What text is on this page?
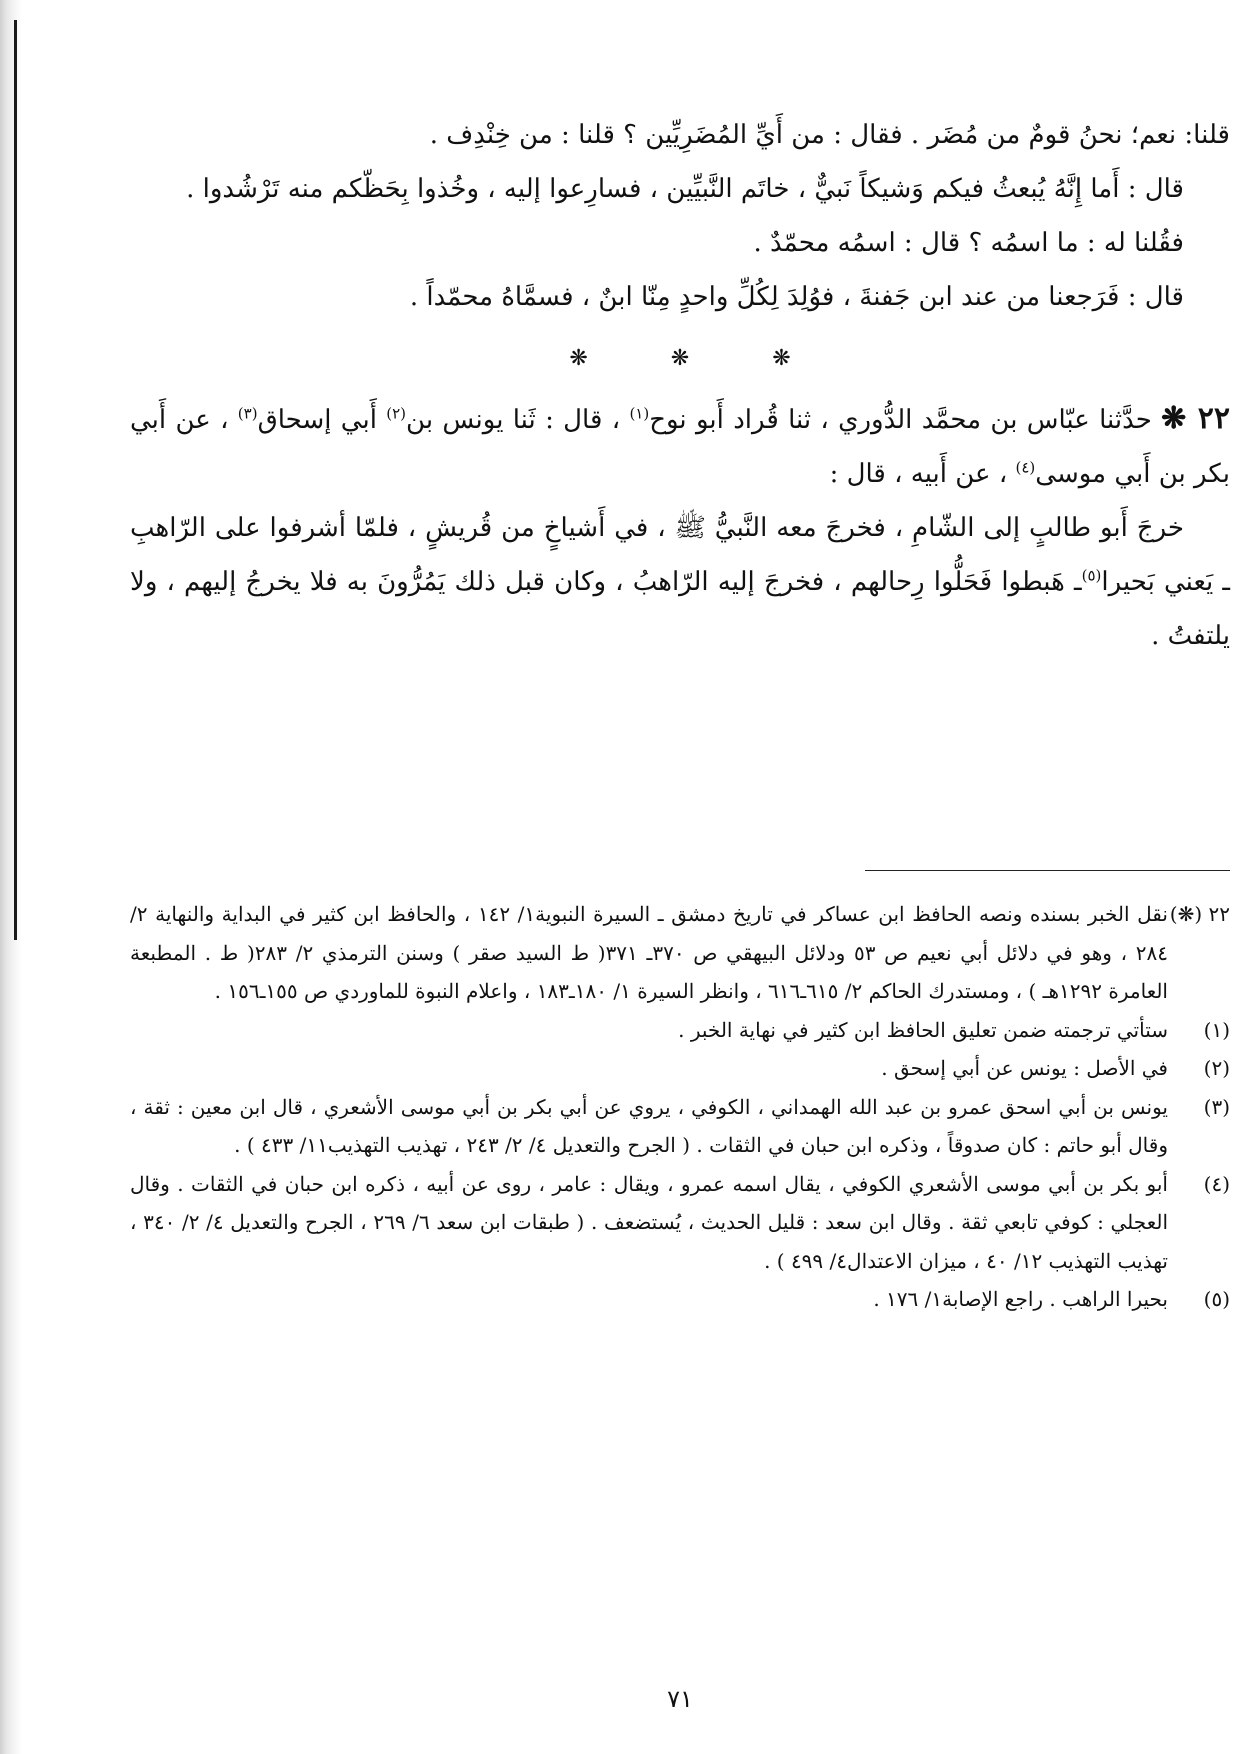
قلنا: نعم؛ نحنُ قومٌ من مُضَر . فقال : من أَيِّ المُضَرِيِّين ؟ قلنا : من خِنْدِف .

قال : أَما إِنَّهُ يُبعثُ فيكم وَشيكاً نَبيٌّ ، خاتَم النَّبيِّين ، فسارِعوا إليه ، وخُذوا بِحَظّكم منه تَرْشُدوا .

فقُلنا له : ما اسمُه ؟ قال : اسمُه محمّدٌ .

قال : فَرَجعنا من عند ابن جَفنةَ ، فوُلِدَ لِكُلِّ واحدٍ مِنّا ابنٌ ، فسمَّاهُ محمّداً .

❋	❋	❋

٢٢ ❋ حدَّثنا عبّاس بن محمَّد الدُّوري ، ثنا قُراد أَبو نوح$^{(١)}$ ، قال : ثَنا يونس بن$^{(٢)}$ أَبي إسحاق$^{(٣)}$ ، عن أَبي بكر بن أَبي موسى$^{(٤)}$ ، عن أَبيه ، قال :

خرجَ أَبو طالبٍ إلى الشّامِ ، فخرجَ معه النَّبيُّ ﷺ ، في أَشياخٍ من قُريشٍ ، فلمّا أشرفوا على الرّاهبِ ـ يَعني بَحيرا$^{(٥)}$ـ هَبطوا فَحَلُّوا رِحالهم ، فخرجَ إليه الرّاهبُ ، وكان قبل ذلك يَمُرُّونَ به فلا يخرجُ إليهم ، ولا يلتفتُ .

٢٢ (❋)
نقل الخبر بسنده ونصه الحافظ ابن عساكر في تاريخ دمشق ـ السيرة النبوية١/ ١٤٢ ، والحافظ ابن كثير في البداية والنهاية ٢/ ٢٨٤ ، وهو في دلائل أبي نعيم ص ٥٣ ودلائل البيهقي ص ٣٧٠ـ ٣٧١( ط السيد صقر ) وسنن الترمذي ٢/ ٢٨٣( ط . المطبعة العامرة ١٢٩٢هـ ) ، ومستدرك الحاكم ٢/ ٦١٥ـ٦١٦ ، وانظر السيرة ١/ ١٨٠ـ١٨٣ ، واعلام النبوة للماوردي ص ١٥٥ـ١٥٦ .
(١)
ستأتي ترجمته ضمن تعليق الحافظ ابن كثير في نهاية الخبر .
(٢)
في الأصل : يونس عن أبي إسحق .
(٣)
يونس بن أبي اسحق عمرو بن عبد الله الهمداني ، الكوفي ، يروي عن أبي بكر بن أبي موسى الأشعري ، قال ابن معين : ثقة ، وقال أبو حاتم : كان صدوقاً ، وذكره ابن حبان في الثقات . ( الجرح والتعديل ٤/ ٢/ ٢٤٣ ، تهذيب التهذيب١١/ ٤٣٣ ) .
(٤)
أبو بكر بن أبي موسى الأشعري الكوفي ، يقال اسمه عمرو ، ويقال : عامر ، روى عن أبيه ، ذكره ابن حبان في الثقات . وقال العجلي : كوفي تابعي ثقة . وقال ابن سعد : قليل الحديث ، يُستضعف . ( طبقات ابن سعد ٦/ ٢٦٩ ، الجرح والتعديل ٤/ ٢/ ٣٤٠ ، تهذيب التهذيب ١٢/ ٤٠ ، ميزان الاعتدال٤/ ٤٩٩ ) .
(٥)
بحيرا الراهب . راجع الإصابة١/ ١٧٦ .
٧١
